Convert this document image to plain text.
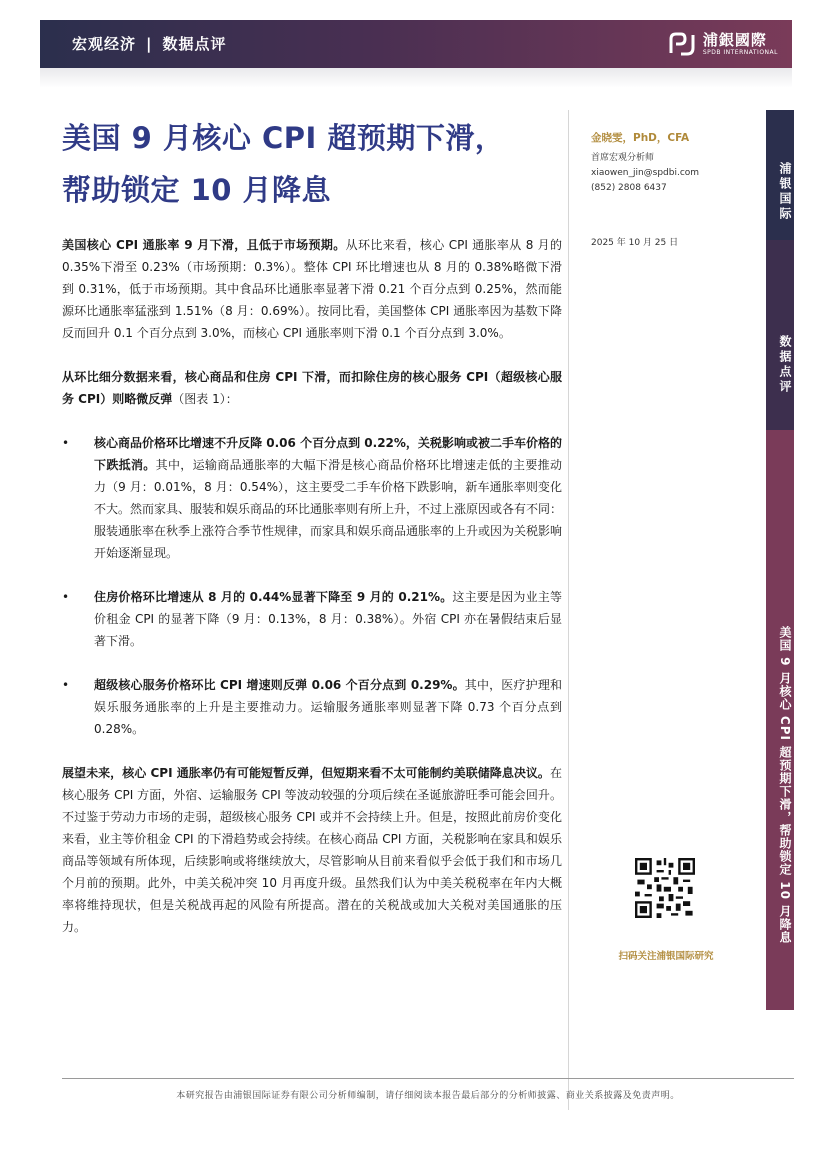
宏观经济 | 数据点评	浦銀國際
SPDB INTERNATIONAL
美国 9 月核心 CPI 超预期下滑，
帮助锁定 10 月降息
金晓雯，PhD，CFA
首席宏观分析师
xiaowen_jin@spdbi.com
(852) 2808 6437
2025 年 10 月 25 日
扫码关注浦银国际研究
浦银国际
数据点评
美国 9 月核心 CPI 超预期下滑，帮助锁定 10 月降息
美国核心 CPI 通胀率 9 月下滑，且低于市场预期。从环比来看，核心 CPI 通胀率从 8 月的 0.35%下滑至 0.23%（市场预期：0.3%）。整体 CPI 环比增速也从 8 月的 0.38%略微下滑到 0.31%，低于市场预期。其中食品环比通胀率显著下滑 0.21 个百分点到 0.25%，然而能源环比通胀率猛涨到 1.51%（8 月：0.69%）。按同比看，美国整体 CPI 通胀率因为基数下降反而回升 0.1 个百分点到 3.0%，而核心 CPI 通胀率则下滑 0.1 个百分点到 3.0%。
从环比细分数据来看，核心商品和住房 CPI 下滑，而扣除住房的核心服务 CPI（超级核心服务 CPI）则略微反弹（图表 1）：
• 核心商品价格环比增速不升反降 0.06 个百分点到 0.22%，关税影响或被二手车价格的下跌抵消。其中，运输商品通胀率的大幅下滑是核心商品价格环比增速走低的主要推动力（9 月：0.01%，8 月：0.54%），这主要受二手车价格下跌影响，新车通胀率则变化不大。然而家具、服装和娱乐商品的环比通胀率则有所上升，不过上涨原因或各有不同：服装通胀率在秋季上涨符合季节性规律，而家具和娱乐商品通胀率的上升或因为关税影响开始逐渐显现。
• 住房价格环比增速从 8 月的 0.44%显著下降至 9 月的 0.21%。这主要是因为业主等价租金 CPI 的显著下降（9 月：0.13%，8 月：0.38%）。外宿 CPI 亦在暑假结束后显著下滑。
• 超级核心服务价格环比 CPI 增速则反弹 0.06 个百分点到 0.29%。其中，医疗护理和娱乐服务通胀率的上升是主要推动力。运输服务通胀率则显著下降 0.73 个百分点到 0.28%。
展望未来，核心 CPI 通胀率仍有可能短暂反弹，但短期来看不太可能制约美联储降息决议。在核心服务 CPI 方面，外宿、运输服务 CPI 等波动较强的分项后续在圣诞旅游旺季可能会回升。不过鉴于劳动力市场的走弱，超级核心服务 CPI 或并不会持续上升。但是，按照此前房价变化来看，业主等价租金 CPI 的下滑趋势或会持续。在核心商品 CPI 方面，关税影响在家具和娱乐商品等领域有所体现，后续影响或将继续放大，尽管影响从目前来看似乎会低于我们和市场几个月前的预期。此外，中美关税冲突 10 月再度升级。虽然我们认为中美关税税率在年内大概率将维持现状，但是关税战再起的风险有所提高。潜在的关税战或加大关税对美国通胀的压力。
本研究报告由浦银国际证券有限公司分析师编制，请仔细阅读本报告最后部分的分析师披露、商业关系披露及免责声明。
